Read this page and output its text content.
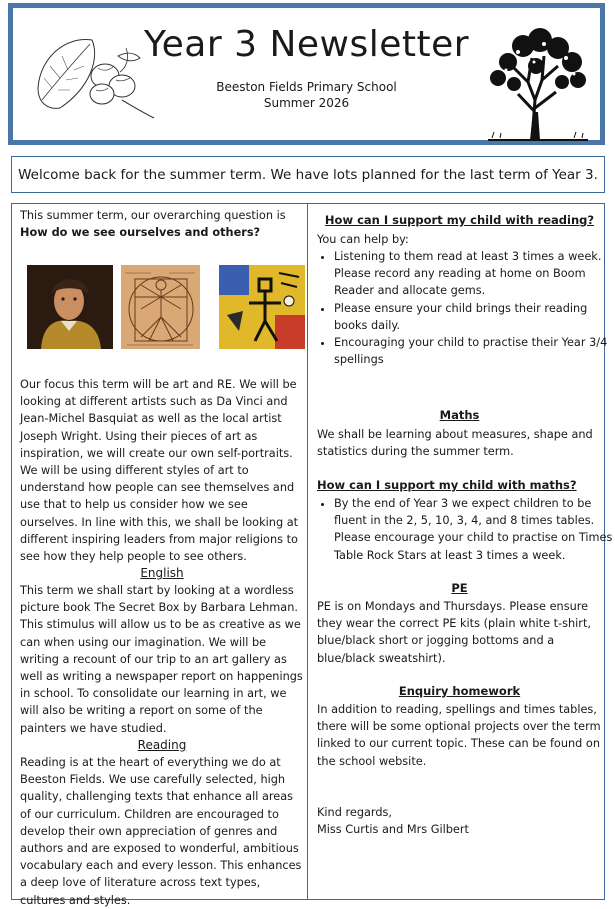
Year 3 Newsletter
Beeston Fields Primary School
Summer 2026
Welcome back for the summer term. We have lots planned for the last term of Year 3.
This summer term, our overarching question is
How do we see ourselves and others?
Our focus this term will be art and RE. We will be looking at different artists such as Da Vinci and Jean-Michel Basquiat as well as the local artist Joseph Wright. Using their pieces of art as inspiration, we will create our own self-portraits. We will be using different styles of art to understand how people can see themselves and use that to help us consider how we see ourselves. In line with this, we shall be looking at different inspiring leaders from major religions to see how they help people to see others.
English
This term we shall start by looking at a wordless picture book The Secret Box by Barbara Lehman. This stimulus will allow us to be as creative as we can when using our imagination. We will be writing a recount of our trip to an art gallery as well as writing a newspaper report on happenings in school. To consolidate our learning in art, we will also be writing a report on some of the painters we have studied.
Reading
Reading is at the heart of everything we do at Beeston Fields. We use carefully selected, high quality, challenging texts that enhance all areas of our curriculum. Children are encouraged to develop their own appreciation of genres and authors and are exposed to wonderful, ambitious vocabulary each and every lesson. This enhances a deep love of literature across text types, cultures and styles.
How can I support my child with reading?
You can help by:
• Listening to them read at least 3 times a week. Please record any reading at home on Boom Reader and allocate gems.
• Please ensure your child brings their reading books daily.
• Encouraging your child to practise their Year 3/4 spellings
Maths
We shall be learning about measures, shape and statistics during the summer term.
How can I support my child with maths?
• By the end of Year 3 we expect children to be fluent in the 2, 5, 10, 3, 4, and 8 times tables. Please encourage your child to practise on Times Table Rock Stars at least 3 times a week.
PE
PE is on Mondays and Thursdays. Please ensure they wear the correct PE kits (plain white t-shirt, blue/black short or jogging bottoms and a blue/black sweatshirt).
Enquiry homework
In addition to reading, spellings and times tables, there will be some optional projects over the term linked to our current topic. These can be found on the school website.
Kind regards,
Miss Curtis and Mrs Gilbert
